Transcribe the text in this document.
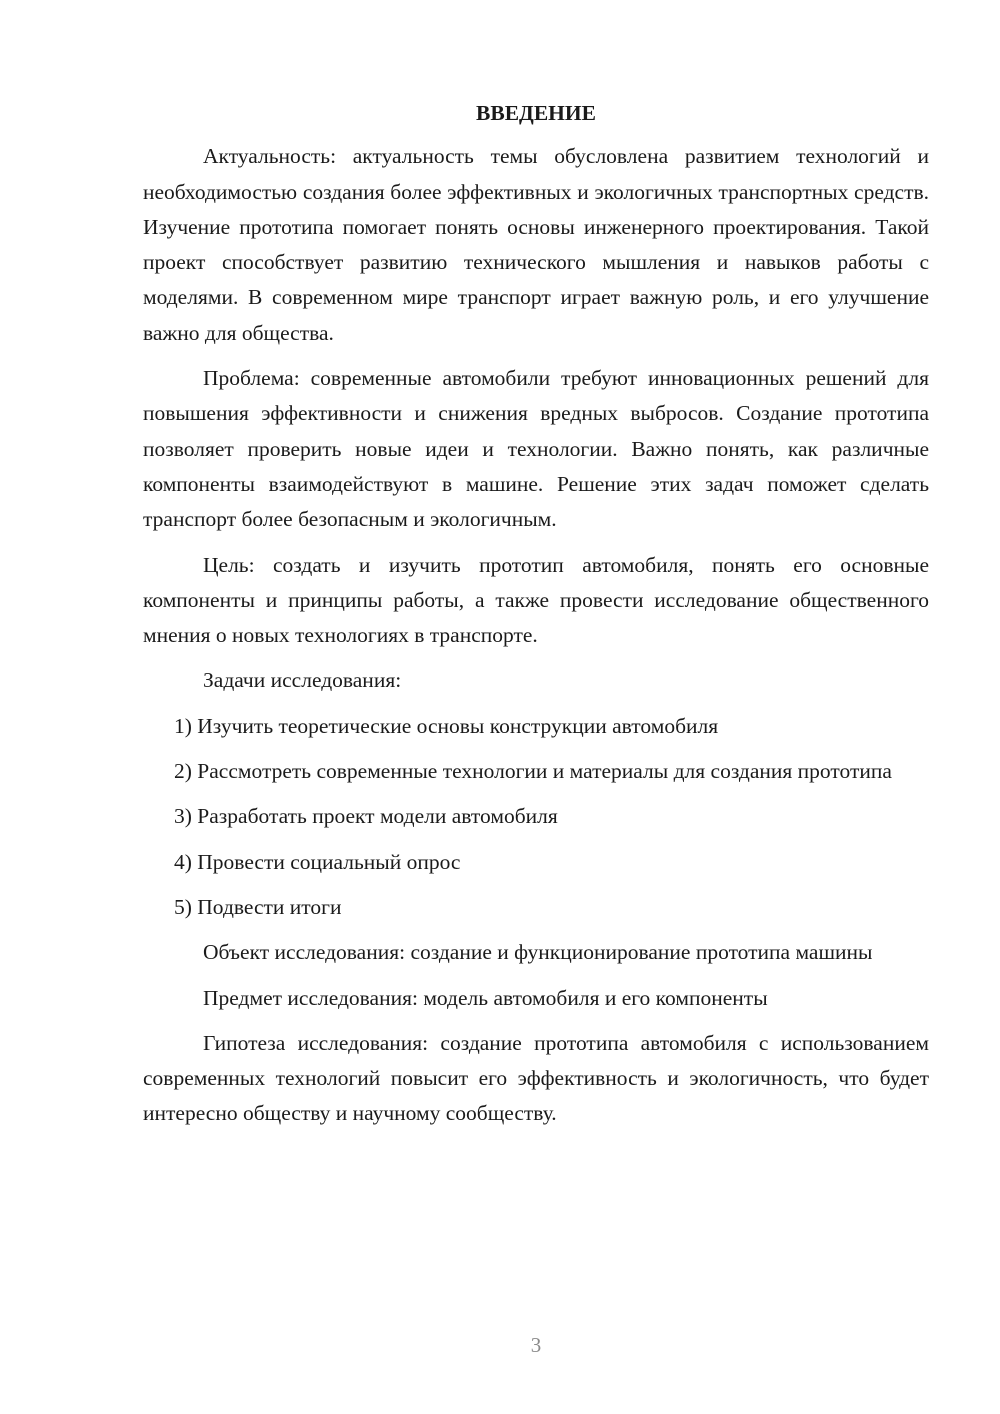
ВВЕДЕНИЕ

Актуальность: актуальность темы обусловлена развитием технологий и необходимостью создания более эффективных и экологичных транспортных средств. Изучение прототипа помогает понять основы инженерного проектирования. Такой проект способствует развитию технического мышления и навыков работы с моделями. В современном мире транспорт играет важную роль, и его улучшение важно для общества.

Проблема: современные автомобили требуют инновационных решений для повышения эффективности и снижения вредных выбросов. Создание прототипа позволяет проверить новые идеи и технологии. Важно понять, как различные компоненты взаимодействуют в машине. Решение этих задач поможет сделать транспорт более безопасным и экологичным.

Цель: создать и изучить прототип автомобиля, понять его основные компоненты и принципы работы, а также провести исследование общественного мнения о новых технологиях в транспорте.

Задачи исследования:

1) Изучить теоретические основы конструкции автомобиля

2) Рассмотреть современные технологии и материалы для создания прототипа

3) Разработать проект модели автомобиля

4) Провести социальный опрос

5) Подвести итоги

Объект исследования: создание и функционирование прототипа машины

Предмет исследования: модель автомобиля и его компоненты

Гипотеза исследования: создание прототипа автомобиля с использованием современных технологий повысит его эффективность и экологичность, что будет интересно обществу и научному сообществу.

3
